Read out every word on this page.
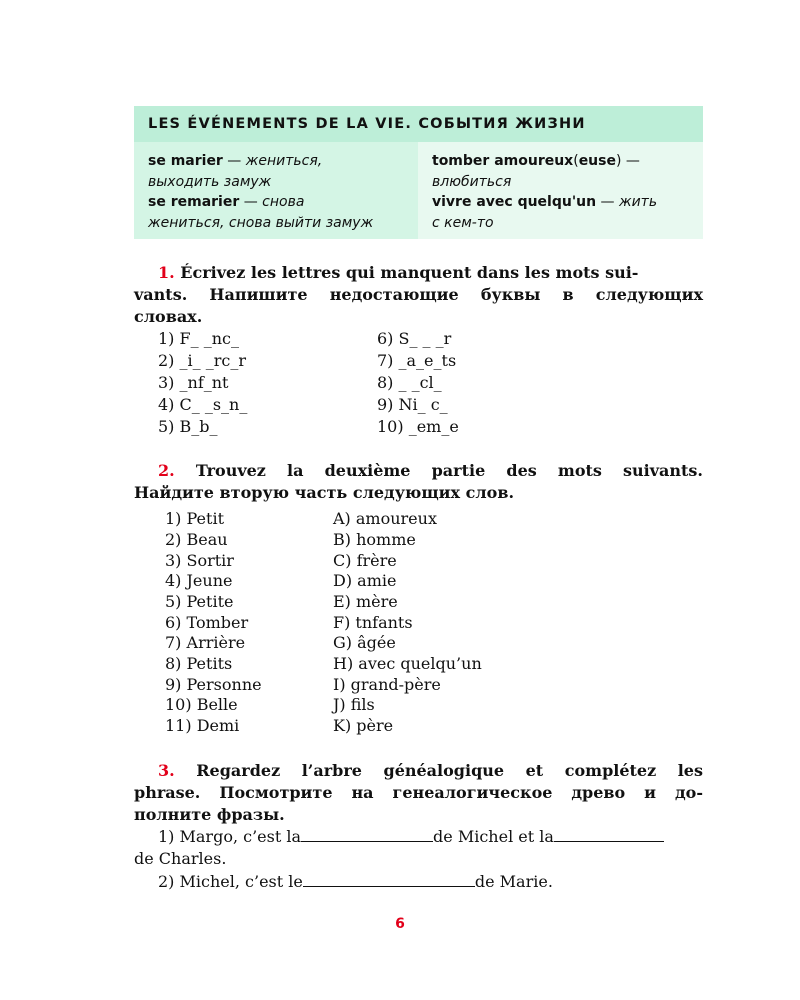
LES ÉVÉNEMENTS DE LA VIE. СОБЫТИЯ ЖИЗНИ
se marier — жениться,
выходить замуж
se remarier — снова
жениться, снова выйти замуж
tomber amoureux(euse) —
влюбиться
vivre avec quelqu'un — жить
с кем-то
1. Écrivez les lettres qui manquent dans les mots sui-
vants. Напишите недостающие буквы в следующих
словах.
1) F_ _nc_
2) _i_ _rc_r
3) _nf_nt
4) C_ _s_n_
5) B_b_
6) S_ _ _r
7) _a_e_ts
8) _ _cl_
9) Ni_ c_
10) _em_e
2. Trouvez la deuxième partie des mots suivants.
Найдите вторую часть следующих слов.
1) Petit
2) Beau
3) Sortir
4) Jeune
5) Petite
6) Tomber
7) Arrière
8) Petits
9) Personne
10) Belle
11) Demi
A) amoureux
B) homme
C) frère
D) amie
E) mère
F) tnfants
G) âgée
H) avec quelqu’un
I) grand-père
J) fils
K) père
3. Regardez l’arbre généalogique et complétez les
phrase. Посмотрите на генеалогическое древо и до-
полните фразы.
1) Margo, c’est la	de Michel et la
de Charles.
2) Michel, c’est le	de Marie.
6
